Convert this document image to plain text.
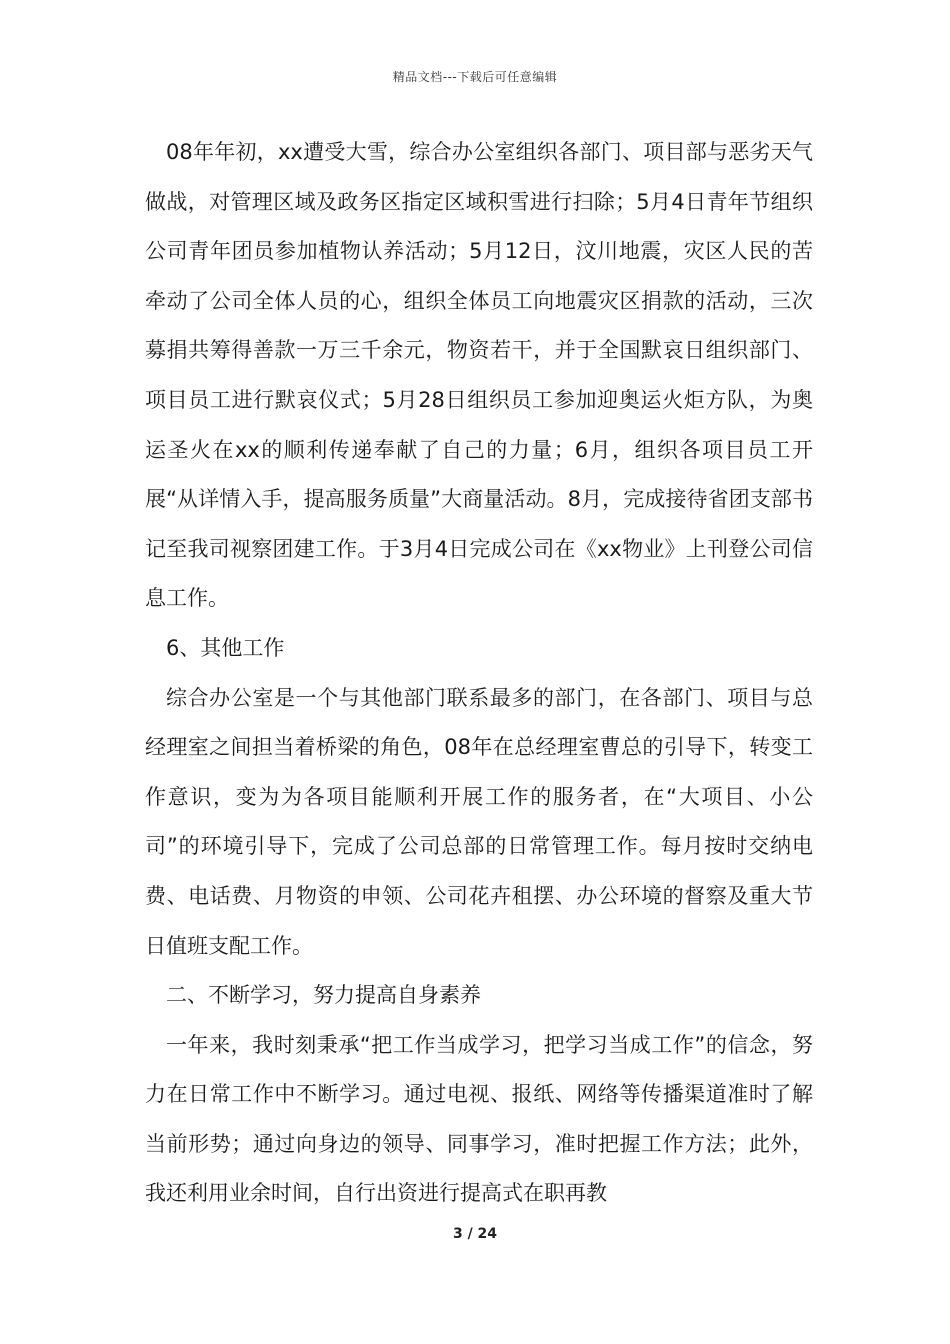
精品文档---下载后可任意编辑

08年年初，xx遭受大雪，综合办公室组织各部门、项目部与恶劣天气做战，对管理区域及政务区指定区域积雪进行扫除；5月4日青年节组织公司青年团员参加植物认养活动；5月12日，汶川地震，灾区人民的苦牵动了公司全体人员的心，组织全体员工向地震灾区捐款的活动，三次募捐共筹得善款一万三千余元，物资若干，并于全国默哀日组织部门、项目员工进行默哀仪式；5月28日组织员工参加迎奥运火炬方队，为奥运圣火在xx的顺利传递奉献了自己的力量；6月，组织各项目员工开展“从详情入手，提高服务质量”大商量活动。8月，完成接待省团支部书记至我司视察团建工作。于3月4日完成公司在《xx物业》上刊登公司信息工作。

6、其他工作

综合办公室是一个与其他部门联系最多的部门，在各部门、项目与总经理室之间担当着桥梁的角色，08年在总经理室曹总的引导下，转变工作意识，变为为各项目能顺利开展工作的服务者，在“大项目、小公司”的环境引导下，完成了公司总部的日常管理工作。每月按时交纳电费、电话费、月物资的申领、公司花卉租摆、办公环境的督察及重大节日值班支配工作。

二、不断学习，努力提高自身素养

一年来，我时刻秉承“把工作当成学习，把学习当成工作”的信念，努力在日常工作中不断学习。通过电视、报纸、网络等传播渠道准时了解当前形势；通过向身边的领导、同事学习，准时把握工作方法；此外，我还利用业余时间，自行出资进行提高式在职再教

3 / 24
